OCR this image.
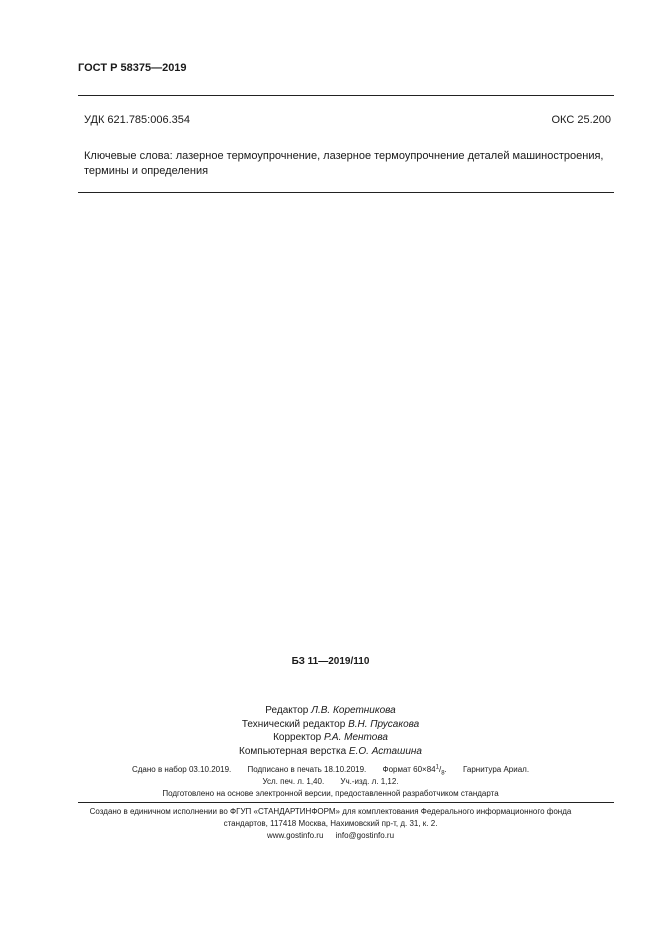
ГОСТ Р 58375—2019
УДК 621.785:006.354	ОКС 25.200
Ключевые слова: лазерное термоупрочнение, лазерное термоупрочнение деталей машиностроения, термины и определения
БЗ 11—2019/110
Редактор Л.В. Коретникова
Технический редактор В.Н. Прусакова
Корректор Р.А. Ментова
Компьютерная верстка Е.О. Асташина
Сдано в набор 03.10.2019. Подписано в печать 18.10.2019. Формат $60\times 84^1/_8$. Гарнитура Ариал.
Усл. печ. л. 1,40. Уч.-изд. л. 1,12.
Подготовлено на основе электронной версии, предоставленной разработчиком стандарта
Создано в единичном исполнении во ФГУП «СТАНДАРТИНФОРМ» для комплектования Федерального информационного фонда
стандартов, 117418 Москва, Нахимовский пр-т, д. 31, к. 2.
www.gostinfo.ru info@gostinfo.ru
